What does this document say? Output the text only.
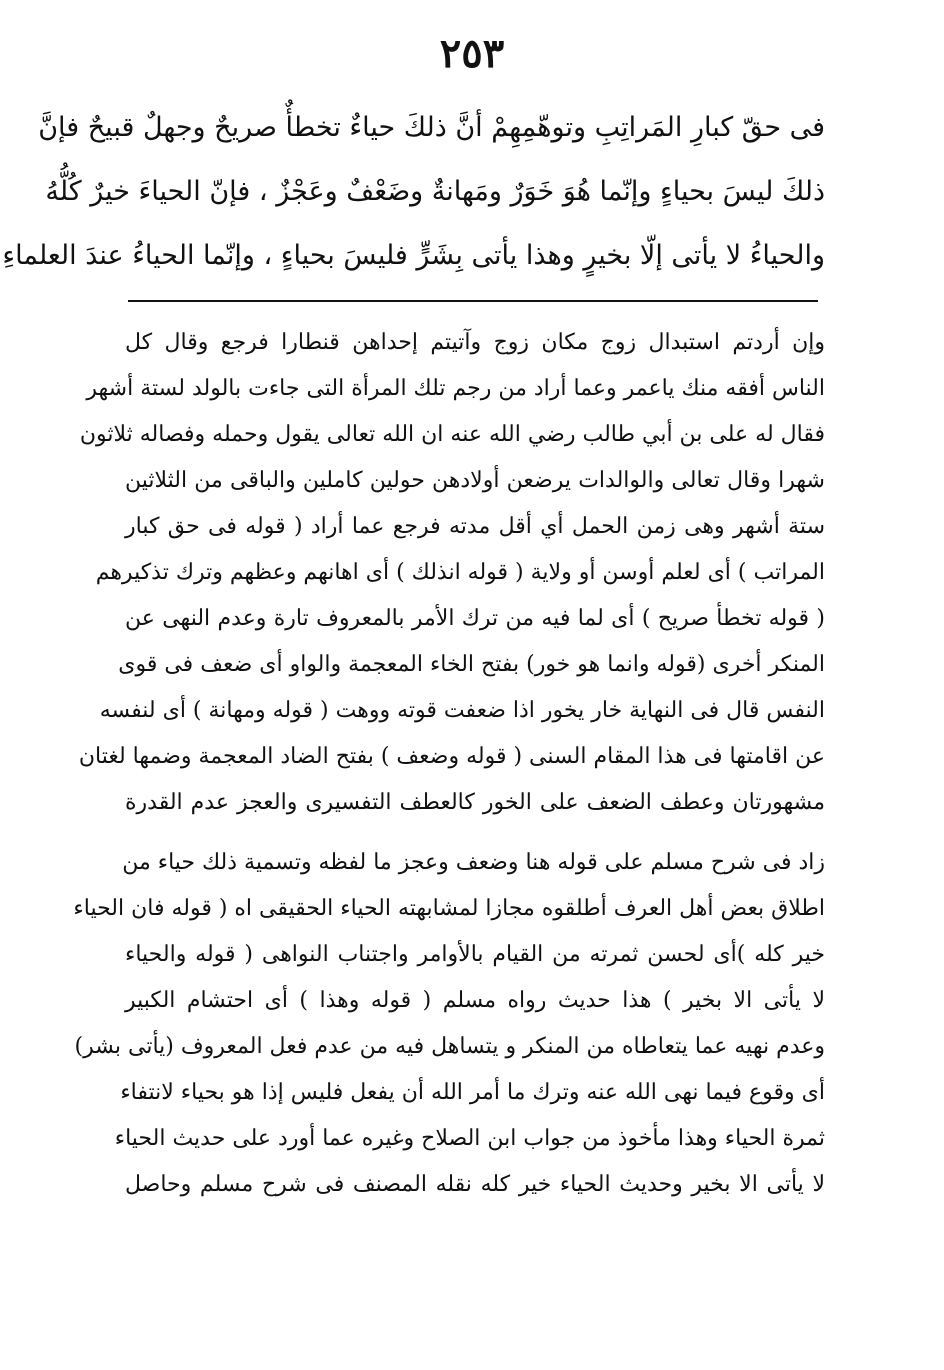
٢٥٣
فى حقّ كبارِ المَراتِبِ وتوهّمِهِمْ أنَّ ذلكَ حياءٌ تخطأٌ صريحٌ وجهلٌ قبيحٌ فإنَّ
ذلكَ ليسَ بحياءٍ وإنّما هُوَ خَوَرٌ ومَهانةٌ وضَعْفٌ وعَجْزٌ ، فإنّ الحياءَ خيرٌ كُلُّهُ
والحياءُ لا يأتى إلّا بخيرٍ وهذا يأتى بِشَرٍّ فليسَ بحياءٍ ، وإنّما الحياءُ عندَ العلماءِ
وإن أردتم استبدال زوج مكان زوج وآتيتم إحداهن قنطارا فرجع وقال كل
الناس أفقه منك ياعمر وعما أراد من رجم تلك المرأة التى جاءت بالولد لستة أشهر
فقال له على بن أبي طالب رضي الله عنه ان الله تعالى يقول وحمله وفصاله ثلاثون
شهرا وقال تعالى والوالدات يرضعن أولادهن حولين كاملين والباقى من الثلاثين
ستة أشهر وهى زمن الحمل أي أقل مدته فرجع عما أراد ( قوله فى حق كبار
المراتب ) أى لعلم أوسن أو ولاية ( قوله انذلك ) أى اهانهم وعظهم وترك تذكيرهم
( قوله تخطأ صريح ) أى لما فيه من ترك الأمر بالمعروف تارة وعدم النهى عن
المنكر أخرى (قوله وانما هو خور) بفتح الخاء المعجمة والواو أى ضعف فى قوى
النفس قال فى النهاية خار يخور اذا ضعفت قوته ووهت ( قوله ومهانة ) أى لنفسه
عن اقامتها فى هذا المقام السنى ( قوله وضعف ) بفتح الضاد المعجمة وضمها لغتان
مشهورتان وعطف الضعف على الخور كالعطف التفسيرى والعجز عدم القدرة
زاد فى شرح مسلم على قوله هنا وضعف وعجز ما لفظه وتسمية ذلك حياء من
اطلاق بعض أهل العرف أطلقوه مجازا لمشابهته الحياء الحقيقى اه ( قوله فان الحياء
خير كله )أى لحسن ثمرته من القيام بالأوامر واجتناب النواهى ( قوله والحياء
لا يأتى الا بخير ) هذا حديث رواه مسلم ( قوله وهذا ) أى احتشام الكبير
وعدم نهيه عما يتعاطاه من المنكر و يتساهل فيه من عدم فعل المعروف (يأتى بشر)
أى وقوع فيما نهى الله عنه وترك ما أمر الله أن يفعل فليس إذا هو بحياء لانتفاء
ثمرة الحياء وهذا مأخوذ من جواب ابن الصلاح وغيره عما أورد على حديث الحياء
لا يأتى الا بخير وحديث الحياء خير كله نقله المصنف فى شرح مسلم وحاصل
